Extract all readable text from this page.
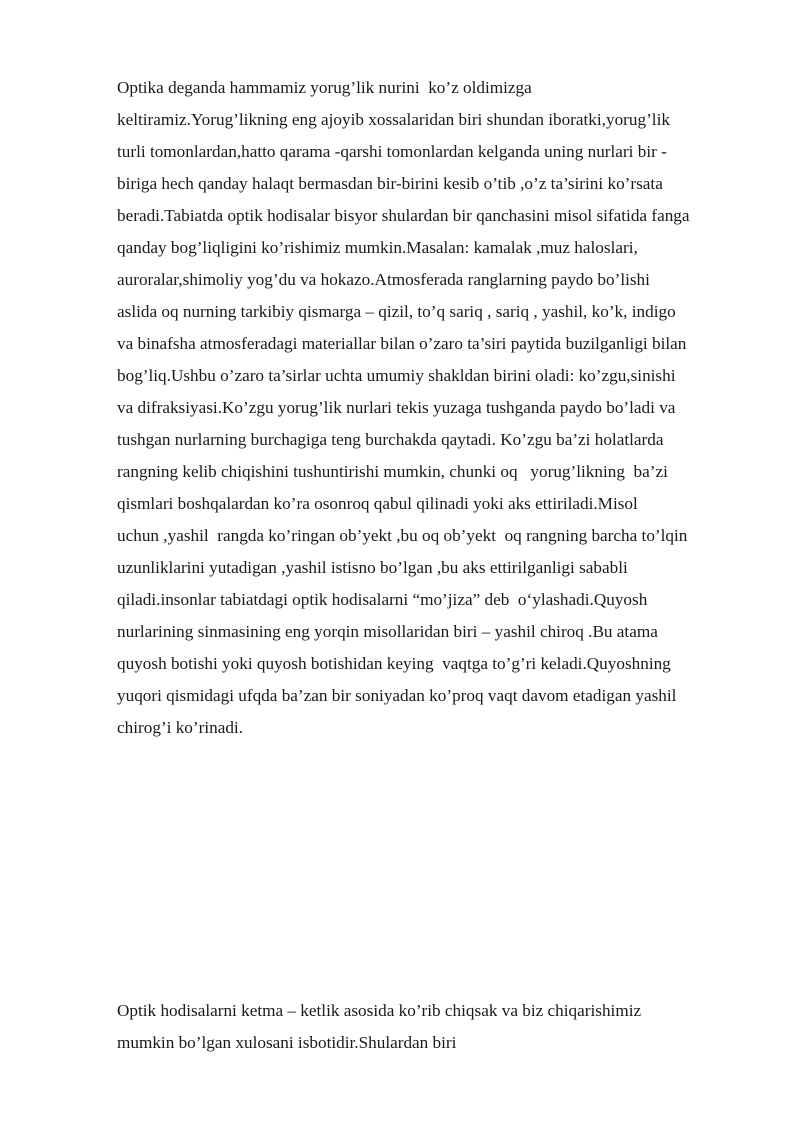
Optika deganda hammamiz yorug’lik nurini  ko’z oldimizga
keltiramiz.Yorug’likning eng ajoyib xossalaridan biri shundan iboratki,yorug’lik
turli tomonlardan,hatto qarama -qarshi tomonlardan kelganda uning nurlari bir -
biriga hech qanday halaqt bermasdan bir-birini kesib o’tib ,o’z ta’sirini ko’rsata
beradi.Tabiatda optik hodisalar bisyor shulardan bir qanchasini misol sifatida fanga
qanday bog’liqligini ko’rishimiz mumkin.Masalan: kamalak ,muz haloslari,
auroralar,shimoliy yog’du va hokazo.Atmosferada ranglarning paydo bo’lishi
aslida oq nurning tarkibiy qismarga – qizil, to’q sariq , sariq , yashil, ko’k, indigo
va binafsha atmosferadagi materiallar bilan o’zaro ta’siri paytida buzilganligi bilan
bog’liq.Ushbu o’zaro ta’sirlar uchta umumiy shakldan birini oladi: ko’zgu,sinishi
va difraksiyasi.Ko’zgu yorug’lik nurlari tekis yuzaga tushganda paydo bo’ladi va
tushgan nurlarning burchagiga teng burchakda qaytadi. Ko’zgu ba’zi holatlarda
rangning kelib chiqishini tushuntirishi mumkin, chunki oq   yorug’likning  ba’zi
qismlari boshqalardan ko’ra osonroq qabul qilinadi yoki aks ettiriladi.Misol
uchun ,yashil  rangda ko’ringan ob’yekt ,bu oq ob’yekt  oq rangning barcha to’lqin
uzunliklarini yutadigan ,yashil istisno bo’lgan ,bu aks ettirilganligi sababli
qiladi.insonlar tabiatdagi optik hodisalarni “mo’jiza” deb  o‘ylashadi.Quyosh
nurlarining sinmasining eng yorqin misollaridan biri – yashil chiroq .Bu atama
quyosh botishi yoki quyosh botishidan keying  vaqtga to’g’ri keladi.Quyoshning
yuqori qismidagi ufqda ba’zan bir soniyadan ko’proq vaqt davom etadigan yashil
chirog’i ko’rinadi.
Optik hodisalarni ketma – ketlik asosida ko’rib chiqsak va biz chiqarishimiz
mumkin bo’lgan xulosani isbotidir.Shulardan biri
